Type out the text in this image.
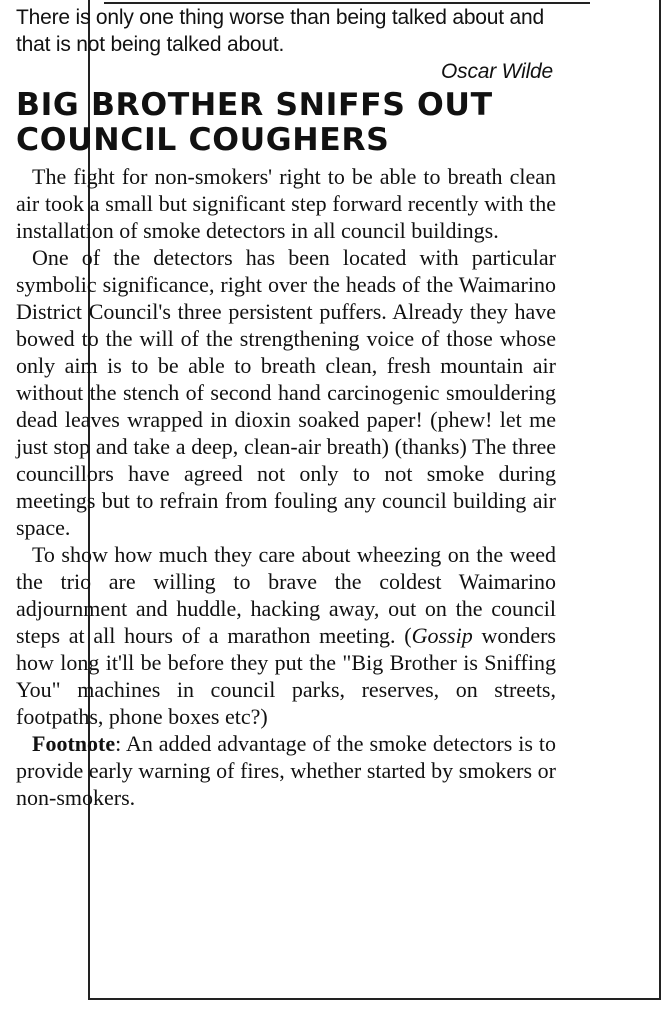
There is only one thing worse than being talked about and that is not being talked about.
Oscar Wilde
BIG BROTHER SNIFFS OUT COUNCIL COUGHERS

The fight for non-smokers' right to be able to breath clean air took a small but significant step forward recently with the installation of smoke detectors in all council buildings.

One of the detectors has been located with particular symbolic significance, right over the heads of the Waimarino District Council's three persistent puffers. Already they have bowed to the will of the strengthening voice of those whose only aim is to be able to breath clean, fresh mountain air without the stench of second hand carcinogenic smouldering dead leaves wrapped in dioxin soaked paper! (phew! let me just stop and take a deep, clean-air breath) (thanks) The three councillors have agreed not only to not smoke during meetings but to refrain from fouling any council building air space.

To show how much they care about wheezing on the weed the trio are willing to brave the coldest Waimarino adjournment and huddle, hacking away, out on the council steps at all hours of a marathon meeting. (Gossip wonders how long it'll be before they put the "Big Brother is Sniffing You" machines in council parks, reserves, on streets, footpaths, phone boxes etc?)

Footnote: An added advantage of the smoke detectors is to provide early warning of fires, whether started by smokers or non-smokers.
